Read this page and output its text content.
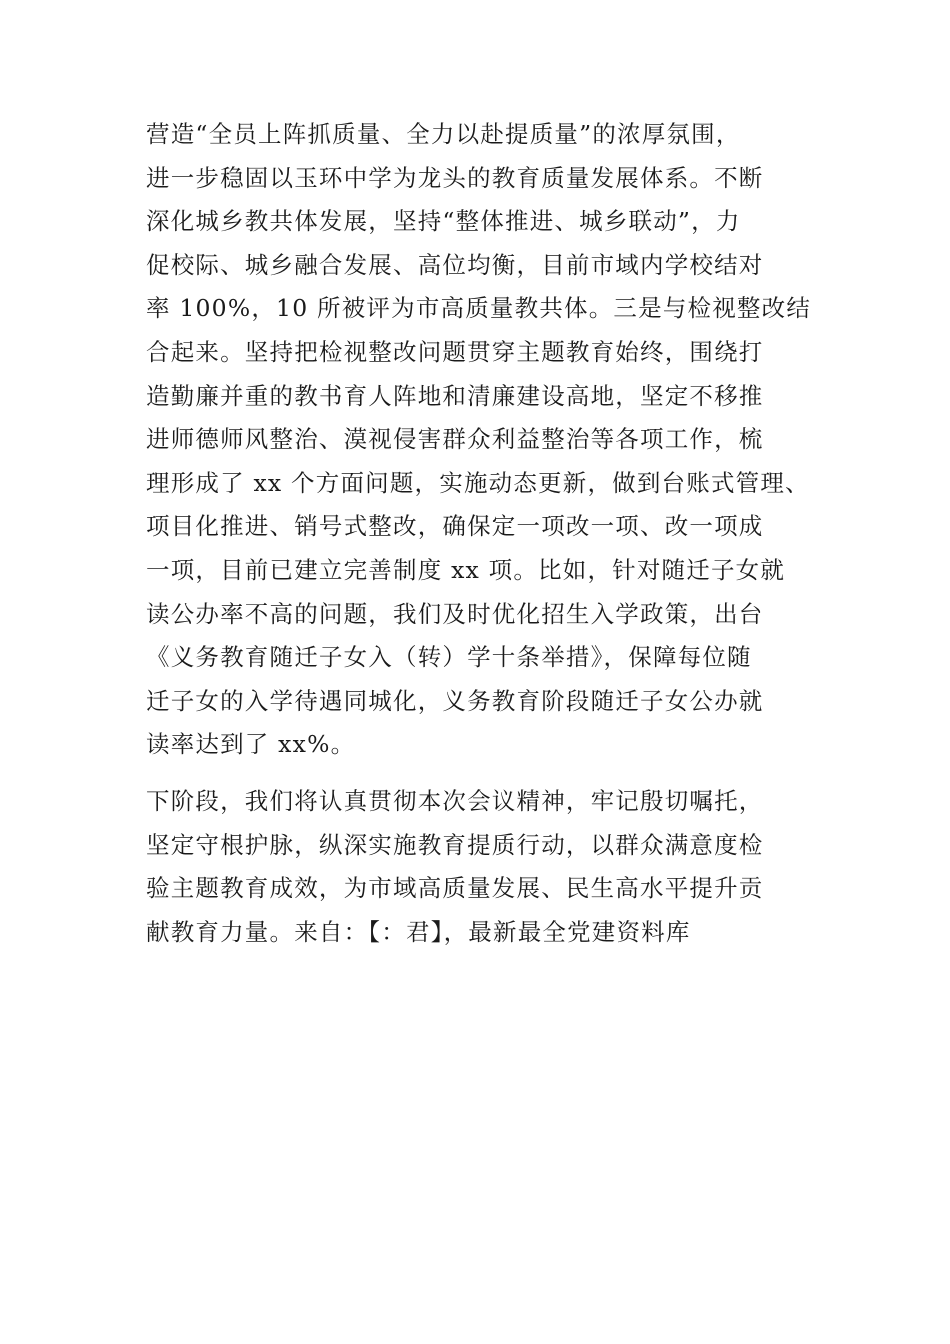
营造“全员上阵抓质量、全力以赴提质量”的浓厚氛围，
进一步稳固以玉环中学为龙头的教育质量发展体系。不断
深化城乡教共体发展，坚持“整体推进、城乡联动”，力
促校际、城乡融合发展、高位均衡，目前市域内学校结对
率 100%，10 所被评为市高质量教共体。三是与检视整改结
合起来。坚持把检视整改问题贯穿主题教育始终，围绕打
造勤廉并重的教书育人阵地和清廉建设高地，坚定不移推
进师德师风整治、漠视侵害群众利益整治等各项工作，梳
理形成了 xx 个方面问题，实施动态更新，做到台账式管理、
项目化推进、销号式整改，确保定一项改一项、改一项成
一项，目前已建立完善制度 xx 项。比如，针对随迁子女就
读公办率不高的问题，我们及时优化招生入学政策，出台
《义务教育随迁子女入（转）学十条举措》，保障每位随
迁子女的入学待遇同城化，义务教育阶段随迁子女公办就
读率达到了 xx%。
下阶段，我们将认真贯彻本次会议精神，牢记殷切嘱托，
坚定守根护脉，纵深实施教育提质行动，以群众满意度检
验主题教育成效，为市域高质量发展、民生高水平提升贡
献教育力量。来自：【：君】，最新最全党建资料库
